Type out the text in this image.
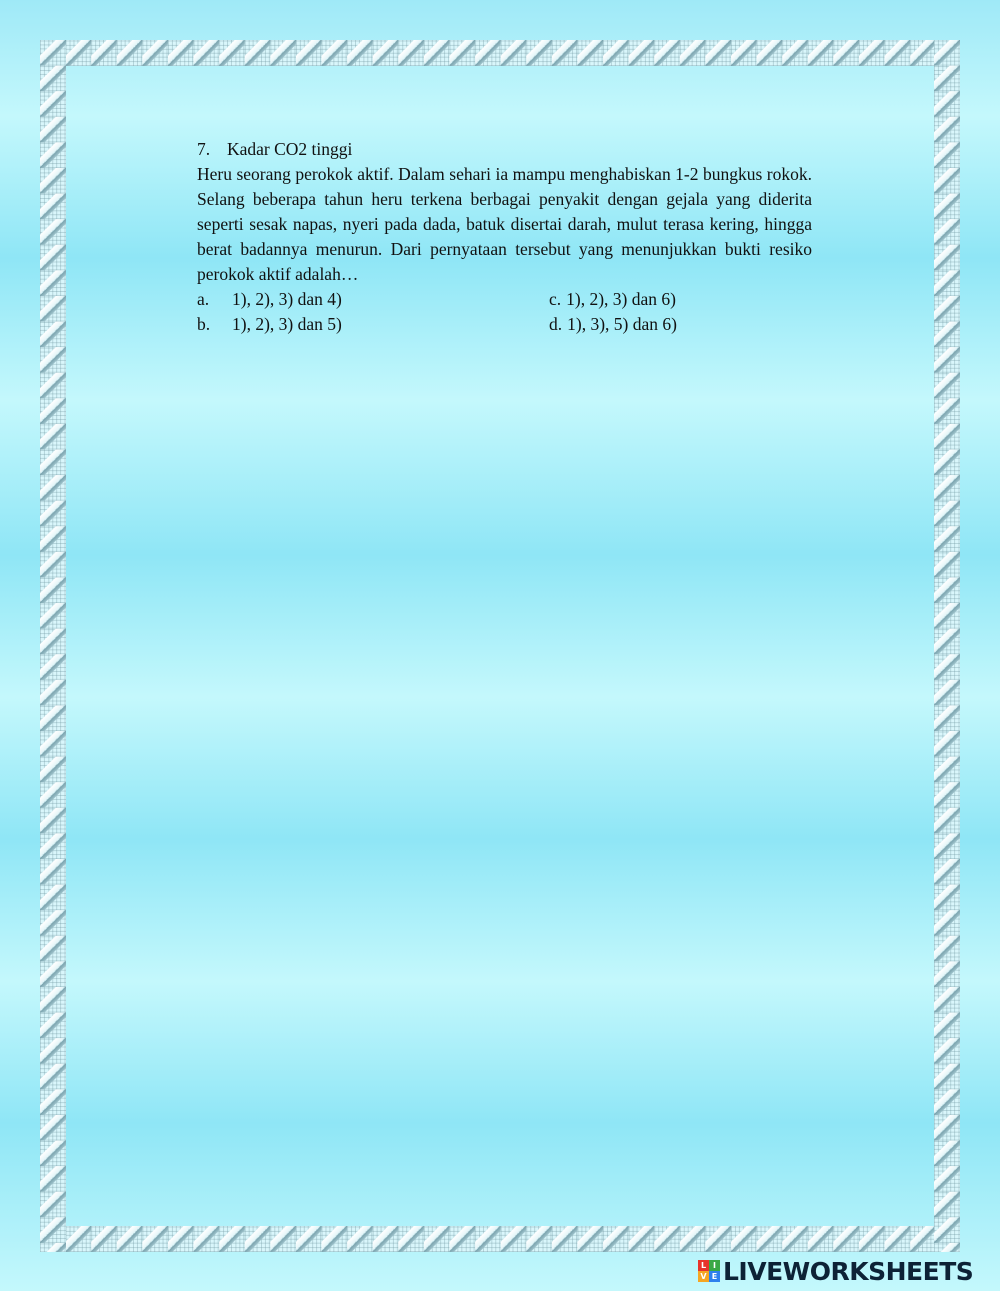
7. Kadar CO2 tinggi
Heru seorang perokok aktif. Dalam sehari ia mampu menghabiskan 1-2 bungkus rokok. Selang beberapa tahun heru terkena berbagai penyakit dengan gejala yang diderita seperti sesak napas, nyeri pada dada, batuk disertai darah, mulut terasa kering, hingga berat badannya menurun. Dari pernyataan tersebut yang menunjukkan bukti resiko perokok aktif adalah…
a.	1), 2), 3) dan 4)	c. 1), 2), 3) dan 6)
b.	1), 2), 3) dan 5)	d. 1), 3), 5) dan 6)
L I
V E LIVEWORKSHEETS
